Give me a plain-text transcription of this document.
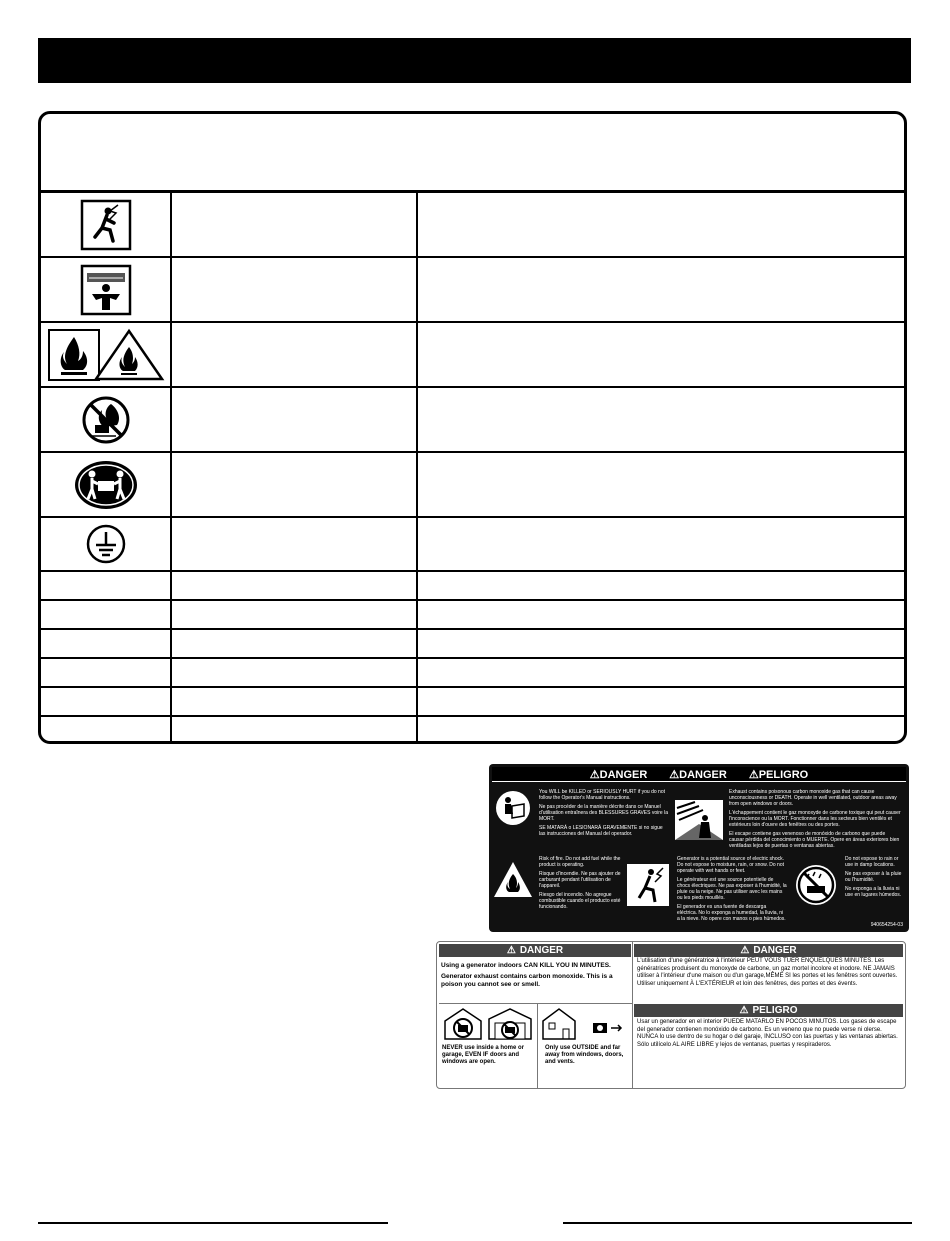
⚠DANGER ⚠DANGER ⚠PELIGRO
You WILL be KILLED or SERIOUSLY HURT if you do not follow the Operator's Manual instructions.
Ne pas procéder de la manière décrite dans ce Manuel d'utilisation entraînera des BLESSURES GRAVES voire la MORT.
SE MATARÁ o LESIONARÁ GRAVEMENTE si no sigue las instrucciones del Manual del operador.
Exhaust contains poisonous carbon monoxide gas that can cause unconsciousness or DEATH. Operate in well ventilated, outdoor areas away from open windows or doors.
L'échappement contient le gaz monoxyde de carbone toxique qui peut causer l'inconscience ou la MORT. Fonctionner dans les secteurs bien ventilés et extérieurs loin d'ouvre des fenêtres ou des portes.
El escape contiene gas venenoso de monóxido de carbono que puede causar pérdida del conocimiento o MUERTE. Opere en áreas exteriores bien ventiladas lejos de puertas o ventanas abiertas.
Risk of fire. Do not add fuel while the product is operating.
Risque d'incendie. Ne pas ajouter de carburant pendant l'utilisation de l'appareil.
Riesgo del incendio. No agregue combustible cuando el producto esté funcionando.
Generator is a potential source of electric shock. Do not expose to moisture, rain, or snow. Do not operate with wet hands or feet.
Le générateur est une source potentielle de chocs électriques. Ne pas exposer à l'humidité, la pluie ou la neige. Ne pas utiliser avec les mains ou les pieds mouillés.
El generador es una fuente de descarga eléctrica. No lo exponga a humedad, la lluvia, ni a la nieve. No opere con manos o pies húmedos.
Do not expose to rain or use in damp locations.
Ne pas exposer à la pluie ou l'humidité.
No exponga a la lluvia ni use en lugares húmedos.
940654254-03
⚠ DANGER	⚠ DANGER
Using a generator indoors CAN KILL YOU IN MINUTES.
Generator exhaust contains carbon monoxide. This is a poison you cannot see or smell.
NEVER use inside a home or garage, EVEN IF doors and windows are open.
Only use OUTSIDE and far away from windows, doors, and vents.
L'utilisation d'une génératrice à l'intérieur PEUT VOUS TUER ENQUELQUES MINUTES. Les génératrices produisent du monoxyde de carbone, un gaz mortel incolore et inodore. NE JAMAIS utiliser à l'intérieur d'une maison ou d'un garage,MÊME SI les portes et les fenêtres sont ouvertes. Utiliser uniquement À L'EXTÉRIEUR et loin des fenêtres, des portes et des évents.
⚠ PELIGRO
Usar un generador en el interior PUEDE MATARLO EN POCOS MINUTOS. Los gases de escape del generador contienen monóxido de carbono. Es un veneno que no puede verse ni olerse. NUNCA lo use dentro de su hogar o del garaje, INCLUSO con las puertas y las ventanas abiertas. Sólo utilícelo AL AIRE LIBRE y lejos de ventanas, puertas y respiraderos.
